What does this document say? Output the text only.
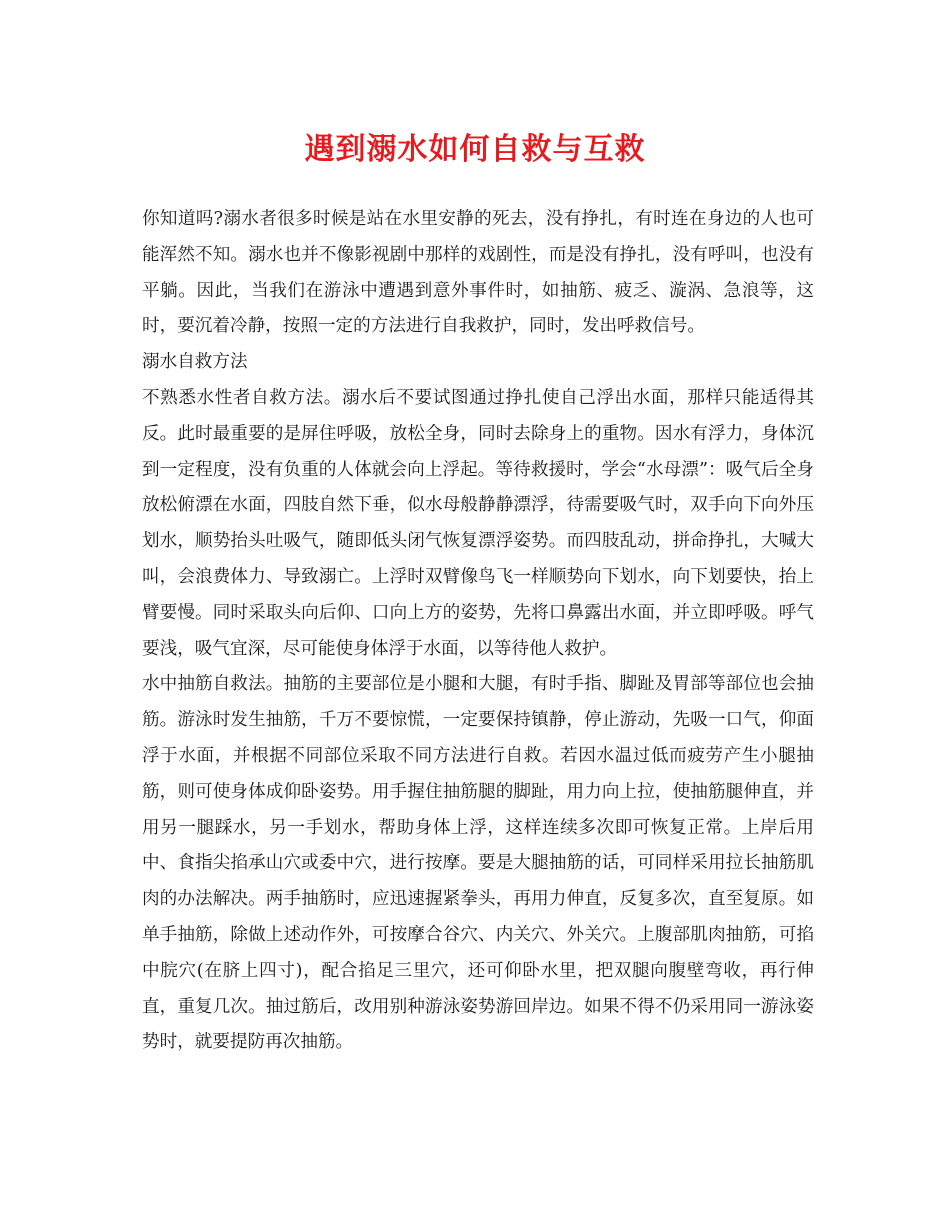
遇到溺水如何自救与互救

你知道吗?溺水者很多时候是站在水里安静的死去，没有挣扎，有时连在身边的人也可能浑然不知。溺水也并不像影视剧中那样的戏剧性，而是没有挣扎，没有呼叫，也没有平躺。因此，当我们在游泳中遭遇到意外事件时，如抽筋、疲乏、漩涡、急浪等，这时，要沉着冷静，按照一定的方法进行自我救护，同时，发出呼救信号。

溺水自救方法

不熟悉水性者自救方法。溺水后不要试图通过挣扎使自己浮出水面，那样只能适得其反。此时最重要的是屏住呼吸，放松全身，同时去除身上的重物。因水有浮力，身体沉到一定程度，没有负重的人体就会向上浮起。等待救援时，学会“水母漂”：吸气后全身放松俯漂在水面，四肢自然下垂，似水母般静静漂浮，待需要吸气时，双手向下向外压划水，顺势抬头吐吸气，随即低头闭气恢复漂浮姿势。而四肢乱动，拼命挣扎，大喊大叫，会浪费体力、导致溺亡。上浮时双臂像鸟飞一样顺势向下划水，向下划要快，抬上臂要慢。同时采取头向后仰、口向上方的姿势，先将口鼻露出水面，并立即呼吸。呼气要浅，吸气宜深，尽可能使身体浮于水面，以等待他人救护。

水中抽筋自救法。抽筋的主要部位是小腿和大腿，有时手指、脚趾及胃部等部位也会抽筋。游泳时发生抽筋，千万不要惊慌，一定要保持镇静，停止游动，先吸一口气，仰面浮于水面，并根据不同部位采取不同方法进行自救。若因水温过低而疲劳产生小腿抽筋，则可使身体成仰卧姿势。用手握住抽筋腿的脚趾，用力向上拉，使抽筋腿伸直，并用另一腿踩水，另一手划水，帮助身体上浮，这样连续多次即可恢复正常。上岸后用中、食指尖掐承山穴或委中穴，进行按摩。要是大腿抽筋的话，可同样采用拉长抽筋肌肉的办法解决。两手抽筋时，应迅速握紧拳头，再用力伸直，反复多次，直至复原。如单手抽筋，除做上述动作外，可按摩合谷穴、内关穴、外关穴。上腹部肌肉抽筋，可掐中脘穴(在脐上四寸)，配合掐足三里穴，还可仰卧水里，把双腿向腹壁弯收，再行伸直，重复几次。抽过筋后，改用别种游泳姿势游回岸边。如果不得不仍采用同一游泳姿势时，就要提防再次抽筋。
